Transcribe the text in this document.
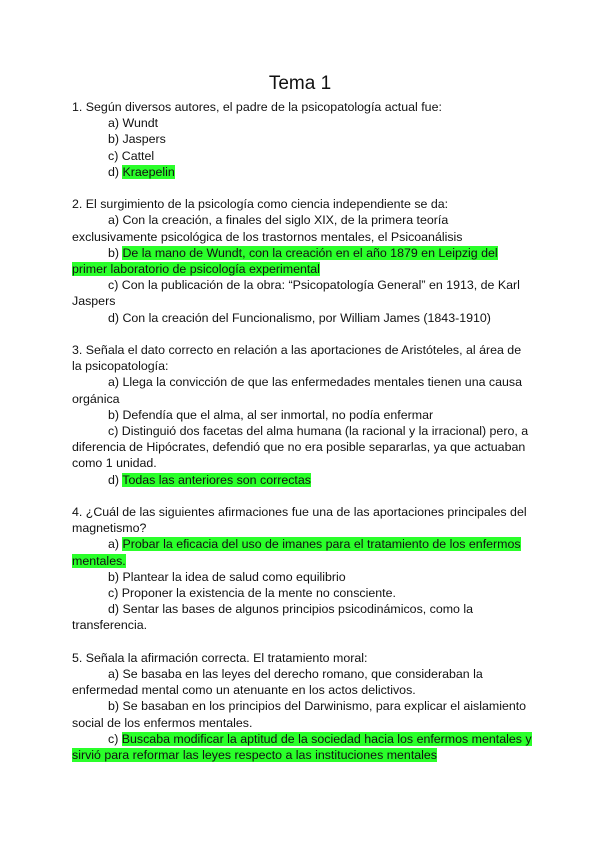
Tema 1

1. Según diversos autores, el padre de la psicopatología actual fue:

a) Wundt

b) Jaspers

c) Cattel

d) Kraepelin

2. El surgimiento de la psicología como ciencia independiente se da:

a) Con la creación, a finales del siglo XIX, de la primera teoría exclusivamente psicológica de los trastornos mentales, el Psicoanálisis

b) De la mano de Wundt, con la creación en el año 1879 en Leipzig del primer laboratorio de psicología experimental

c) Con la publicación de la obra: “Psicopatología General” en 1913, de Karl Jaspers

d) Con la creación del Funcionalismo, por William James (1843-1910)

3. Señala el dato correcto en relación a las aportaciones de Aristóteles, al área de la psicopatología:

a) Llega la convicción de que las enfermedades mentales tienen una causa orgánica

b) Defendía que el alma, al ser inmortal, no podía enfermar

c) Distinguió dos facetas del alma humana (la racional y la irracional) pero, a diferencia de Hipócrates, defendió que no era posible separarlas, ya que actuaban como 1 unidad.

d) Todas las anteriores son correctas

4. ¿Cuál de las siguientes afirmaciones fue una de las aportaciones principales del magnetismo?

a) Probar la eficacia del uso de imanes para el tratamiento de los enfermos mentales.

b) Plantear la idea de salud como equilibrio

c) Proponer la existencia de la mente no consciente.

d) Sentar las bases de algunos principios psicodinámicos, como la transferencia.

5. Señala la afirmación correcta. El tratamiento moral:

a) Se basaba en las leyes del derecho romano, que consideraban la enfermedad mental como un atenuante en los actos delictivos.

b) Se basaban en los principios del Darwinismo, para explicar el aislamiento social de los enfermos mentales.

c) Buscaba modificar la aptitud de la sociedad hacia los enfermos mentales y sirvió para reformar las leyes respecto a las instituciones mentales
